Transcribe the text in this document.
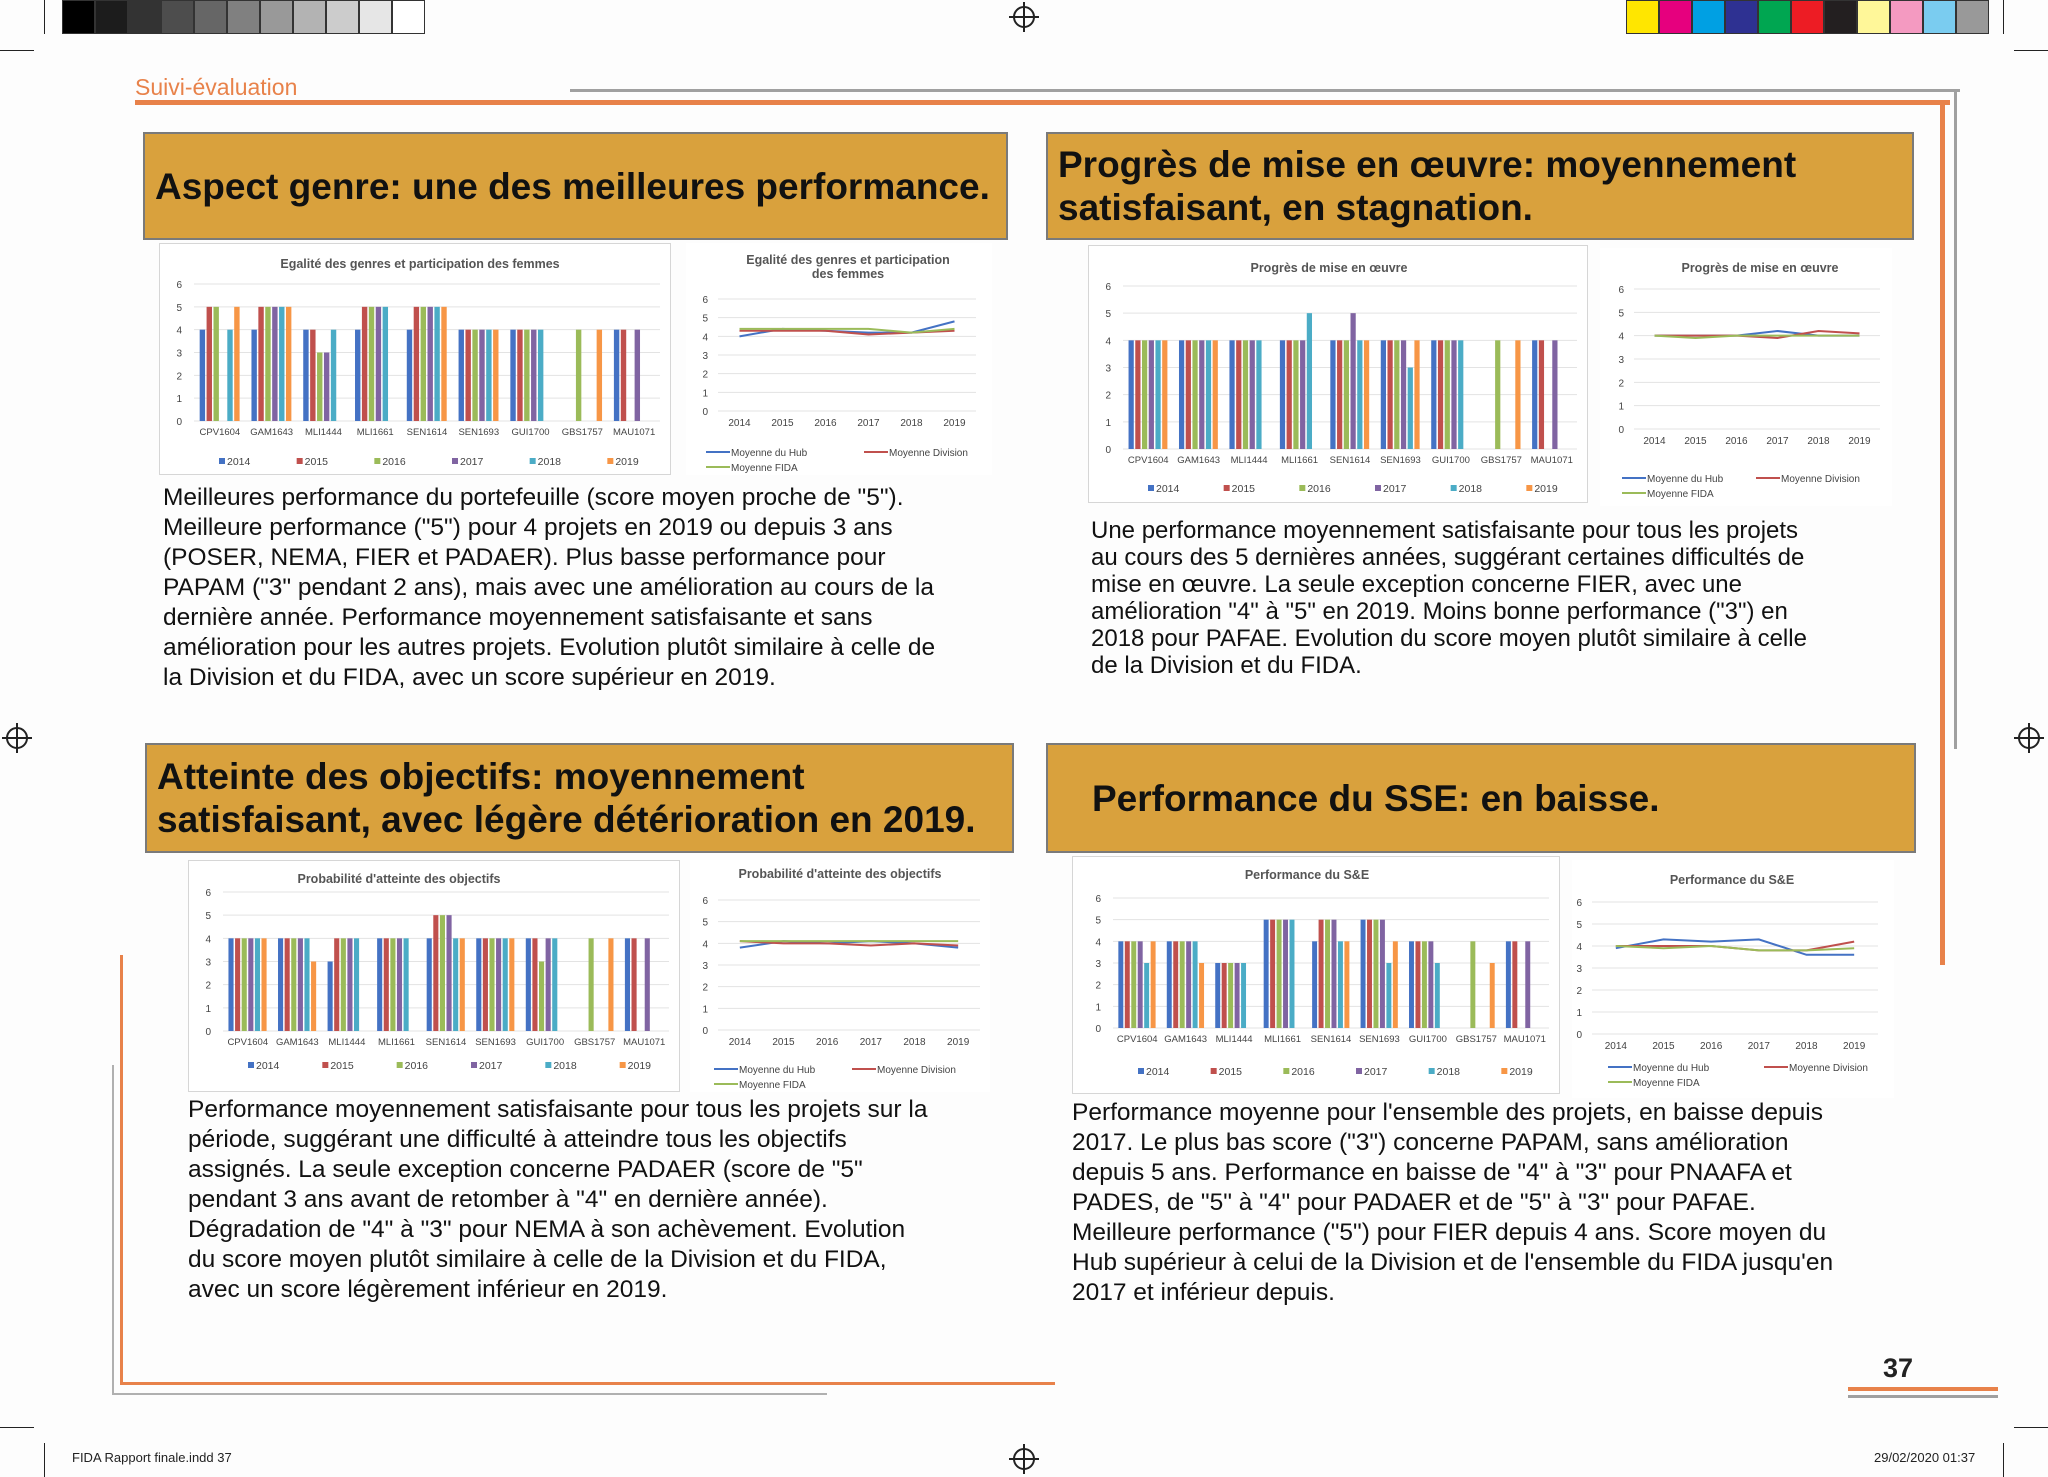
Suivi-évaluation
Aspect genre: une des meilleures performance.
Egalité des genres et participation des femmes
0
1
2
3
4
5
6
CPV1604 GAM1643 MLI1444 MLI1661 SEN1614 SEN1693 GUI1700 GBS1757 MAU1071
2014	2015	2016	2017	2018	2019
Egalité des genres et participation
des femmes
0
1
2
3
4
5
6
2014 2015 2016 2017 2018 2019
Moyenne du Hub	Moyenne Division
Moyenne FIDA
Meilleures performance du portefeuille (score moyen proche de "5").
Meilleure performance ("5") pour 4 projets en 2019 ou depuis 3 ans
(POSER, NEMA, FIER et PADAER). Plus basse performance pour
PAPAM ("3" pendant 2 ans), mais avec une amélioration au cours de la
dernière année. Performance moyennement satisfaisante et sans
amélioration pour les autres projets. Evolution plutôt similaire à celle de
la Division et du FIDA, avec un score supérieur en 2019.
Progrès de mise en œuvre: moyennement
satisfaisant, en stagnation.
Progrès de mise en œuvre
0
1
2
3
4
5
6
CPV1604 GAM1643 MLI1444 MLI1661 SEN1614 SEN1693 GUI1700 GBS1757 MAU1071
2014	2015	2016	2017	2018	2019
Progrès de mise en œuvre
0
1
2
3
4
5
6
2014 2015 2016 2017 2018 2019
Moyenne du Hub	Moyenne Division
Moyenne FIDA
Une performance moyennement satisfaisante pour tous les projets
au cours des 5 dernières années, suggérant certaines difficultés de
mise en œuvre. La seule exception concerne FIER, avec une
amélioration "4" à "5" en 2019. Moins bonne performance ("3") en
2018 pour PAFAE. Evolution du score moyen plutôt similaire à celle
de la Division et du FIDA.
Atteinte des objectifs: moyennement
satisfaisant, avec légère détérioration en 2019.
Probabilité d'atteinte des objectifs
0
1
2
3
4
5
6
CPV1604 GAM1643 MLI1444 MLI1661 SEN1614 SEN1693 GUI1700 GBS1757 MAU1071
2014	2015	2016	2017	2018	2019
Probabilité d'atteinte des objectifs
0
1
2
3
4
5
6
2014 2015 2016 2017 2018 2019
Moyenne du Hub	Moyenne Division
Moyenne FIDA
Performance moyennement satisfaisante pour tous les projets sur la
période, suggérant une difficulté à atteindre tous les objectifs
assignés. La seule exception concerne PADAER (score de "5"
pendant 3 ans avant de retomber à "4" en dernière année).
Dégradation de "4" à "3" pour NEMA à son achèvement. Evolution
du score moyen plutôt similaire à celle de la Division et du FIDA,
avec un score légèrement inférieur en 2019.
Performance du SSE: en baisse.
Performance du S&E
0
1
2
3
4
5
6
CPV1604 GAM1643 MLI1444 MLI1661 SEN1614 SEN1693 GUI1700 GBS1757 MAU1071
2014	2015	2016	2017	2018	2019
Performance du S&E
0
1
2
3
4
5
6
2014	2015	2016	2017	2018	2019
Moyenne du Hub	Moyenne Division
Moyenne FIDA
Performance moyenne pour l'ensemble des projets, en baisse depuis
2017. Le plus bas score ("3") concerne PAPAM, sans amélioration
depuis 5 ans. Performance en baisse de "4" à "3" pour PNAAFA et
PADES, de "5" à "4" pour PADAER et de "5" à "3" pour PAFAE.
Meilleure performance ("5") pour FIER depuis 4 ans. Score moyen du
Hub supérieur à celui de la Division et de l'ensemble du FIDA jusqu'en
2017 et inférieur depuis.
37
FIDA Rapport finale.indd 37	29/02/2020 01:37
